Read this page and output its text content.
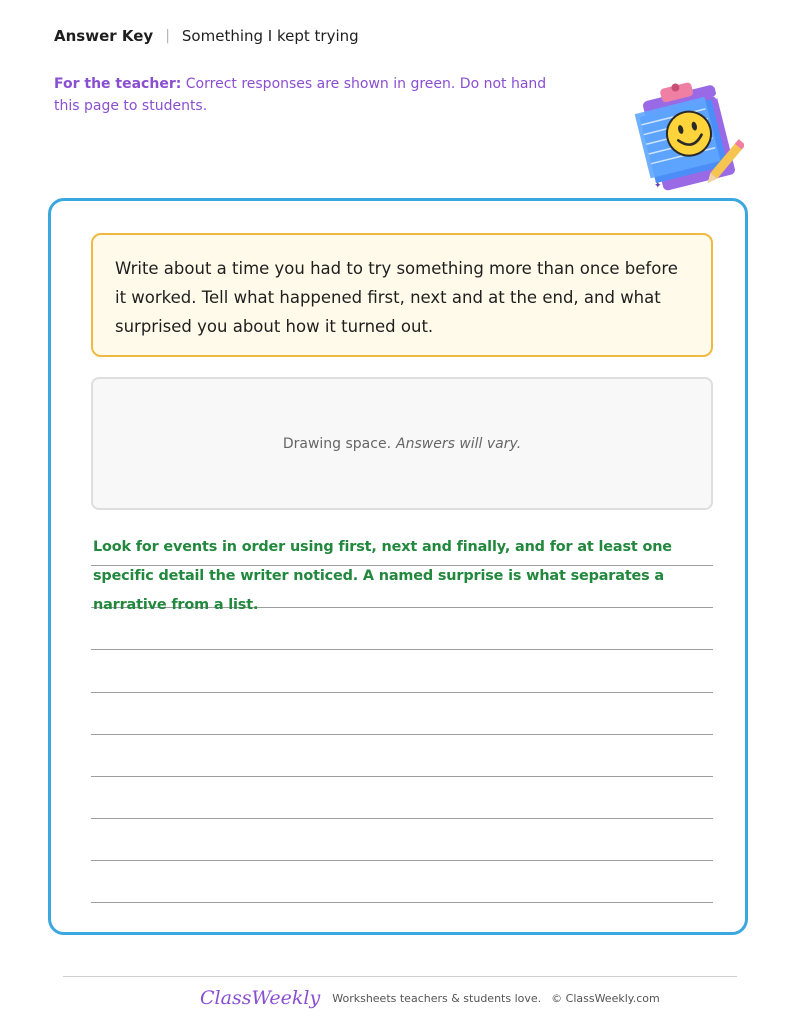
Answer Key | Something I kept trying
For the teacher: Correct responses are shown in green. Do not hand this page to students.
✦
✦
Write about a time you had to try something more than once before it worked. Tell what happened first, next and at the end, and what surprised you about how it turned out.
Drawing space. Answers will vary.
Look for events in order using first, next and finally, and for at least one specific detail the writer noticed. A named surprise is what separates a narrative from a list.
ClassWeekly Worksheets teachers & students love. © ClassWeekly.com
